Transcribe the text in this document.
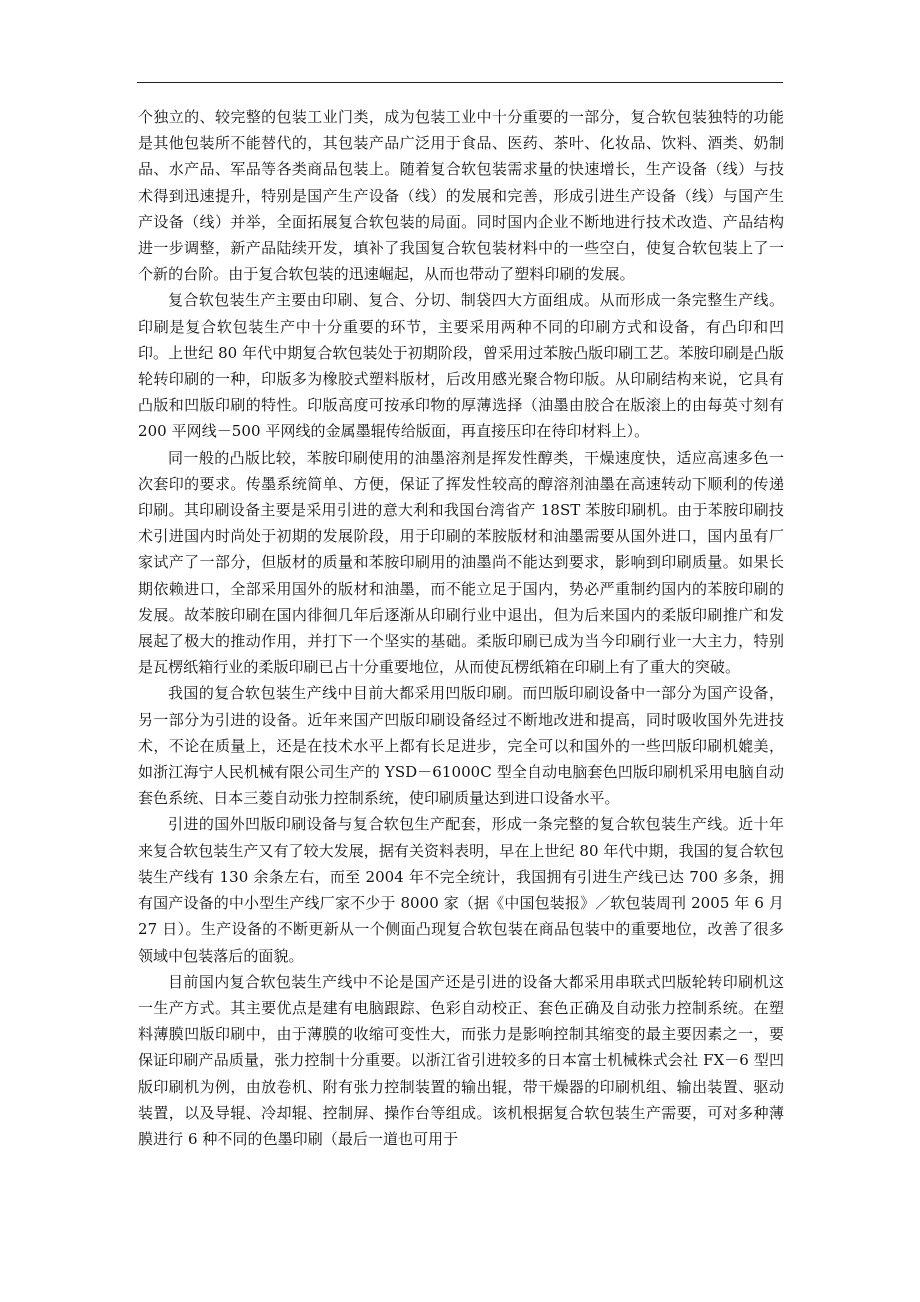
个独立的、较完整的包装工业门类，成为包装工业中十分重要的一部分，复合软包装独特的功能是其他包装所不能替代的，其包装产品广泛用于食品、医药、茶叶、化妆品、饮料、酒类、奶制品、水产品、军品等各类商品包装上。随着复合软包装需求量的快速增长，生产设备（线）与技术得到迅速提升，特别是国产生产设备（线）的发展和完善，形成引进生产设备（线）与国产生产设备（线）并举，全面拓展复合软包装的局面。同时国内企业不断地进行技术改造、产品结构进一步调整，新产品陆续开发，填补了我国复合软包装材料中的一些空白，使复合软包装上了一个新的台阶。由于复合软包装的迅速崛起，从而也带动了塑料印刷的发展。

复合软包装生产主要由印刷、复合、分切、制袋四大方面组成。从而形成一条完整生产线。印刷是复合软包装生产中十分重要的环节，主要采用两种不同的印刷方式和设备，有凸印和凹印。上世纪 80 年代中期复合软包装处于初期阶段，曾采用过苯胺凸版印刷工艺。苯胺印刷是凸版轮转印刷的一种，印版多为橡胶式塑料版材，后改用感光聚合物印版。从印刷结构来说，它具有凸版和凹版印刷的特性。印版高度可按承印物的厚薄选择（油墨由胶合在版滚上的由每英寸刻有 200 平网线－500 平网线的金属墨辊传给版面，再直接压印在待印材料上）。

同一般的凸版比较，苯胺印刷使用的油墨溶剂是挥发性醇类，干燥速度快，适应高速多色一次套印的要求。传墨系统简单、方便，保证了挥发性较高的醇溶剂油墨在高速转动下顺利的传递印刷。其印刷设备主要是采用引进的意大利和我国台湾省产 18ST 苯胺印刷机。由于苯胺印刷技术引进国内时尚处于初期的发展阶段，用于印刷的苯胺版材和油墨需要从国外进口，国内虽有厂家试产了一部分，但版材的质量和苯胺印刷用的油墨尚不能达到要求，影响到印刷质量。如果长期依赖进口，全部采用国外的版材和油墨，而不能立足于国内，势必严重制约国内的苯胺印刷的发展。故苯胺印刷在国内徘徊几年后逐渐从印刷行业中退出，但为后来国内的柔版印刷推广和发展起了极大的推动作用，并打下一个坚实的基础。柔版印刷已成为当今印刷行业一大主力，特别是瓦楞纸箱行业的柔版印刷已占十分重要地位，从而使瓦楞纸箱在印刷上有了重大的突破。

我国的复合软包装生产线中目前大都采用凹版印刷。而凹版印刷设备中一部分为国产设备，另一部分为引进的设备。近年来国产凹版印刷设备经过不断地改进和提高，同时吸收国外先进技术，不论在质量上，还是在技术水平上都有长足进步，完全可以和国外的一些凹版印刷机媲美，如浙江海宁人民机械有限公司生产的 YSD－61000C 型全自动电脑套色凹版印刷机采用电脑自动套色系统、日本三菱自动张力控制系统，使印刷质量达到进口设备水平。

引进的国外凹版印刷设备与复合软包生产配套，形成一条完整的复合软包装生产线。近十年来复合软包装生产又有了较大发展，据有关资料表明，早在上世纪 80 年代中期，我国的复合软包装生产线有 130 余条左右，而至 2004 年不完全统计，我国拥有引进生产线已达 700 多条，拥有国产设备的中小型生产线厂家不少于 8000 家（据《中国包装报》／软包装周刊 2005 年 6 月 27 日）。生产设备的不断更新从一个侧面凸现复合软包装在商品包装中的重要地位，改善了很多领域中包装落后的面貌。

目前国内复合软包装生产线中不论是国产还是引进的设备大都采用串联式凹版轮转印刷机这一生产方式。其主要优点是建有电脑跟踪、色彩自动校正、套色正确及自动张力控制系统。在塑料薄膜凹版印刷中，由于薄膜的收缩可变性大，而张力是影响控制其缩变的最主要因素之一，要保证印刷产品质量，张力控制十分重要。以浙江省引进较多的日本富士机械株式会社 FX－6 型凹版印刷机为例，由放卷机、附有张力控制装置的输出辊，带干燥器的印刷机组、输出装置、驱动装置，以及导辊、冷却辊、控制屏、操作台等组成。该机根据复合软包装生产需要，可对多种薄膜进行 6 种不同的色墨印刷（最后一道也可用于
